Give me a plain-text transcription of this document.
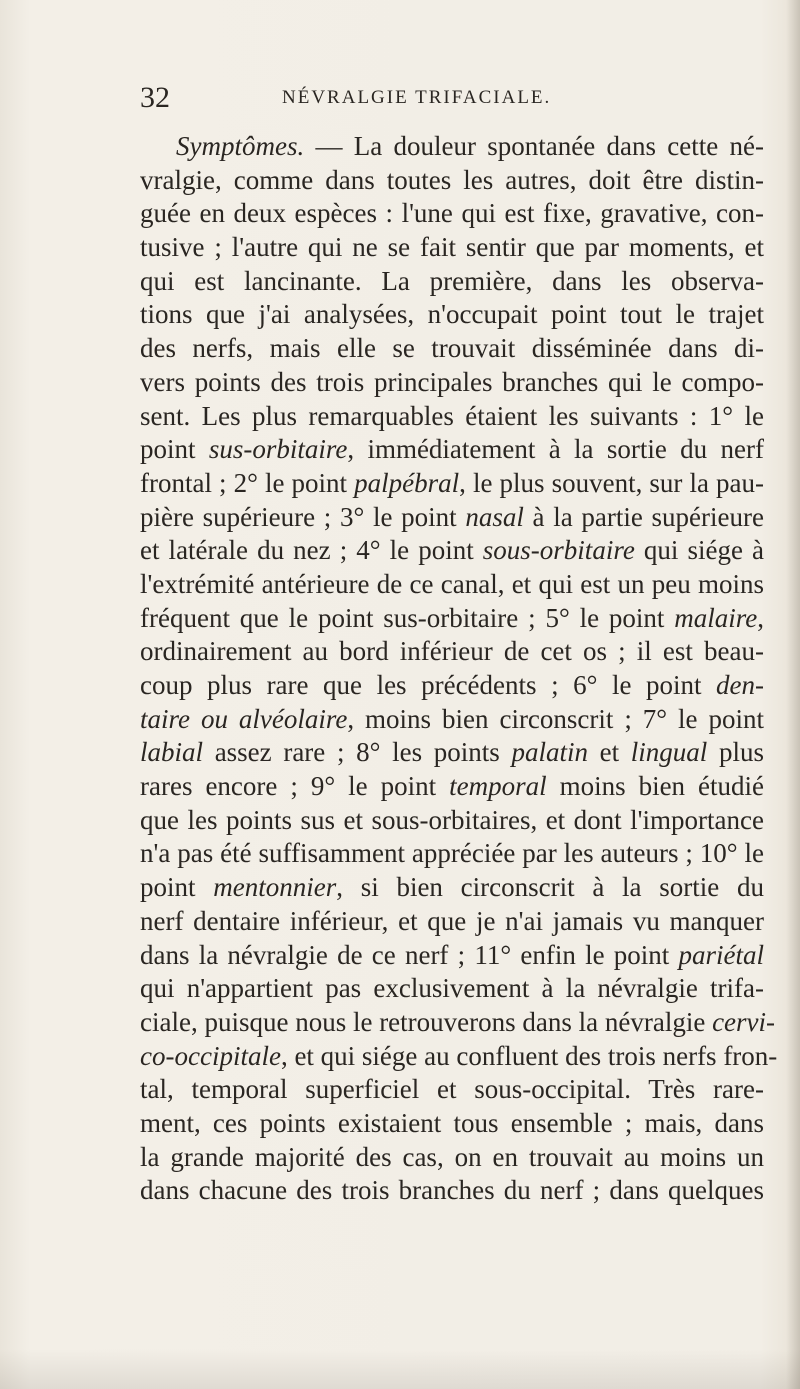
32	NÉVRALGIE TRIFACIALE.
Symptômes. — La douleur spontanée dans cette né-
vralgie, comme dans toutes les autres, doit être distin-
guée en deux espèces : l'une qui est fixe, gravative, con-
tusive ; l'autre qui ne se fait sentir que par moments, et
qui est lancinante. La première, dans les observa-
tions que j'ai analysées, n'occupait point tout le trajet
des nerfs, mais elle se trouvait disséminée dans di-
vers points des trois principales branches qui le compo-
sent. Les plus remarquables étaient les suivants : 1° le
point sus-orbitaire, immédiatement à la sortie du nerf
frontal ; 2° le point palpébral, le plus souvent, sur la pau-
pière supérieure ; 3° le point nasal à la partie supérieure
et latérale du nez ; 4° le point sous-orbitaire qui siége à
l'extrémité antérieure de ce canal, et qui est un peu moins
fréquent que le point sus-orbitaire ; 5° le point malaire,
ordinairement au bord inférieur de cet os ; il est beau-
coup plus rare que les précédents ; 6° le point den-
taire ou alvéolaire, moins bien circonscrit ; 7° le point
labial assez rare ; 8° les points palatin et lingual plus
rares encore ; 9° le point temporal moins bien étudié
que les points sus et sous-orbitaires, et dont l'importance
n'a pas été suffisamment appréciée par les auteurs ; 10° le
point mentonnier, si bien circonscrit à la sortie du
nerf dentaire inférieur, et que je n'ai jamais vu manquer
dans la névralgie de ce nerf ; 11° enfin le point pariétal
qui n'appartient pas exclusivement à la névralgie trifa-
ciale, puisque nous le retrouverons dans la névralgie cervi-
co-occipitale, et qui siége au confluent des trois nerfs fron-
tal, temporal superficiel et sous-occipital. Très rare-
ment, ces points existaient tous ensemble ; mais, dans
la grande majorité des cas, on en trouvait au moins un
dans chacune des trois branches du nerf ; dans quelques
